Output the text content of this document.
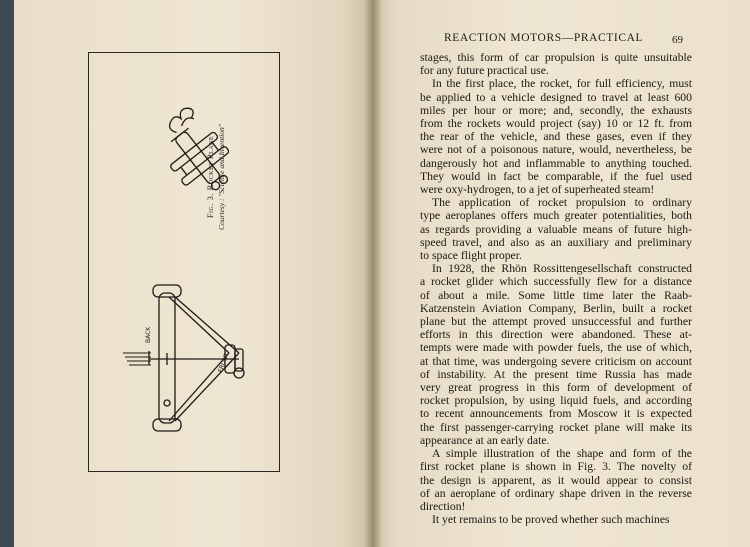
BACK
FRONT
Fig. 3. Rocket Plane Courtesy : "Science and Invention"
REACTION MOTORS—PRACTICAL	69
stages, this form of car propulsion is quite unsuitable
for any future practical use.
In the first place, the rocket, for full efficiency, must
be applied to a vehicle designed to travel at least 600
miles per hour or more; and, secondly, the exhausts
from the rockets would project (say) 10 or 12 ft. from
the rear of the vehicle, and these gases, even if they
were not of a poisonous nature, would, nevertheless, be
dangerously hot and inflammable to anything touched.
They would in fact be comparable, if the fuel used
were oxy-hydrogen, to a jet of superheated steam!
The application of rocket propulsion to ordinary
type aeroplanes offers much greater potentialities, both
as regards providing a valuable means of future high-
speed travel, and also as an auxiliary and preliminary
to space flight proper.
In 1928, the Rhön Rossittengesellschaft constructed
a rocket glider which successfully flew for a distance
of about a mile. Some little time later the Raab-
Katzenstein Aviation Company, Berlin, built a rocket
plane but the attempt proved unsuccessful and further
efforts in this direction were abandoned. These at-
tempts were made with powder fuels, the use of which,
at that time, was undergoing severe criticism on account
of instability. At the present time Russia has made
very great progress in this form of development of
rocket propulsion, by using liquid fuels, and according
to recent announcements from Moscow it is expected
the first passenger-carrying rocket plane will make its
appearance at an early date.
A simple illustration of the shape and form of the
first rocket plane is shown in Fig. 3. The novelty of
the design is apparent, as it would appear to consist
of an aeroplane of ordinary shape driven in the reverse
direction!
It yet remains to be proved whether such machines
